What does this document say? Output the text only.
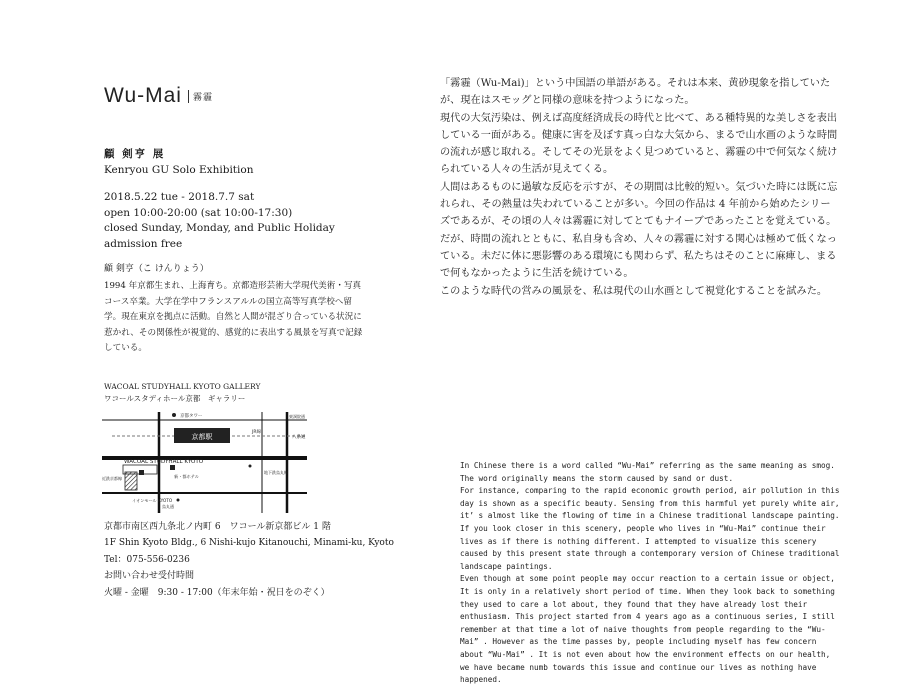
Wu-Mai 霧霾
顧 剣亨 展
Kenryou GU Solo Exhibition
2018.5.22 tue - 2018.7.7 sat
open 10:00-20:00 (sat 10:00-17:30)
closed Sunday, Monday, and Public Holiday
admission free
顧 剣亨（こ けんりょう）
1994 年京都生まれ、上海育ち。京都造形芸術大学現代美術・写真コース卒業。大学在学中フランスアルルの国立高等写真学校へ留学。現在東京を拠点に活動。自然と人間が混ざり合っている状況に惹かれ、その関係性が視覚的、感覚的に表出する風景を写真で記録している。
WACOAL STUDYHALL KYOTO GALLERY
ワコールスタディホール京都　ギャラリー
京都駅
京都タワー
JR線
八条通
WACOAL STUDYHALL KYOTO
新・都ホテル
イオンモール KYOTO
烏丸通
地下鉄烏丸線
東洞院通
近鉄京都線
京都市南区西九条北ノ内町 6　ワコール新京都ビル 1 階
1F Shin Kyoto Bldg., 6 Nishi-kujo Kitanouchi, Minami-ku, Kyoto
Tel：075-556-0236
お問い合わせ受付時間
火曜 - 金曜　9:30 - 17:00（年末年始・祝日をのぞく）

「霧霾（Wu-Mai)」という中国語の単語がある。それは本来、黄砂現象を指していたが、現在はスモッグと同様の意味を持つようになった。

現代の大気汚染は、例えば高度経済成長の時代と比べて、ある種特異的な美しさを表出している一面がある。健康に害を及ぼす真っ白な大気から、まるで山水画のような時間の流れが感じ取れる。そしてその光景をよく見つめていると、霧霾の中で何気なく続けられている人々の生活が見えてくる。

人間はあるものに過敏な反応を示すが、その期間は比較的短い。気づいた時には既に忘れられ、その熱量は失われていることが多い。今回の作品は 4 年前から始めたシリーズであるが、その頃の人々は霧霾に対してとてもナイーブであったことを覚えている。だが、時間の流れとともに、私自身も含め、人々の霧霾に対する関心は極めて低くなっている。未だに体に悪影響のある環境にも関わらず、私たちはそのことに麻痺し、まるで何もなかったように生活を続けている。

このような時代の営みの風景を、私は現代の山水画として視覚化することを試みた。

In Chinese there is a word called “Wu-Mai” referring as the same meaning as smog. The word originally means the storm caused by sand or dust.

For instance, comparing to the rapid economic growth period, air pollution in this day is shown as a specific beauty. Sensing from this harmful yet purely white air, it’ s almost like the flowing of time in a Chinese traditional landscape painting. If you look closer in this scenery, people who lives in “Wu-Mai” continue their lives as if there is nothing different. I attempted to visualize this scenery caused by this present state through a contemporary version of Chinese traditional landscape paintings.

Even though at some point people may occur reaction to a certain issue or object, It is only in a relatively short period of time. When they look back to something they used to care a lot about, they found that they have already lost their enthusiasm. This project started from 4 years ago as a continuous series, I still remember at that time a lot of naive thoughts from people regarding to the “Wu-Mai” . However as the time passes by, people including myself has few concern about “Wu-Mai” . It is not even about how the environment effects on our health, we have became numb towards this issue and continue our lives as nothing have happened.
